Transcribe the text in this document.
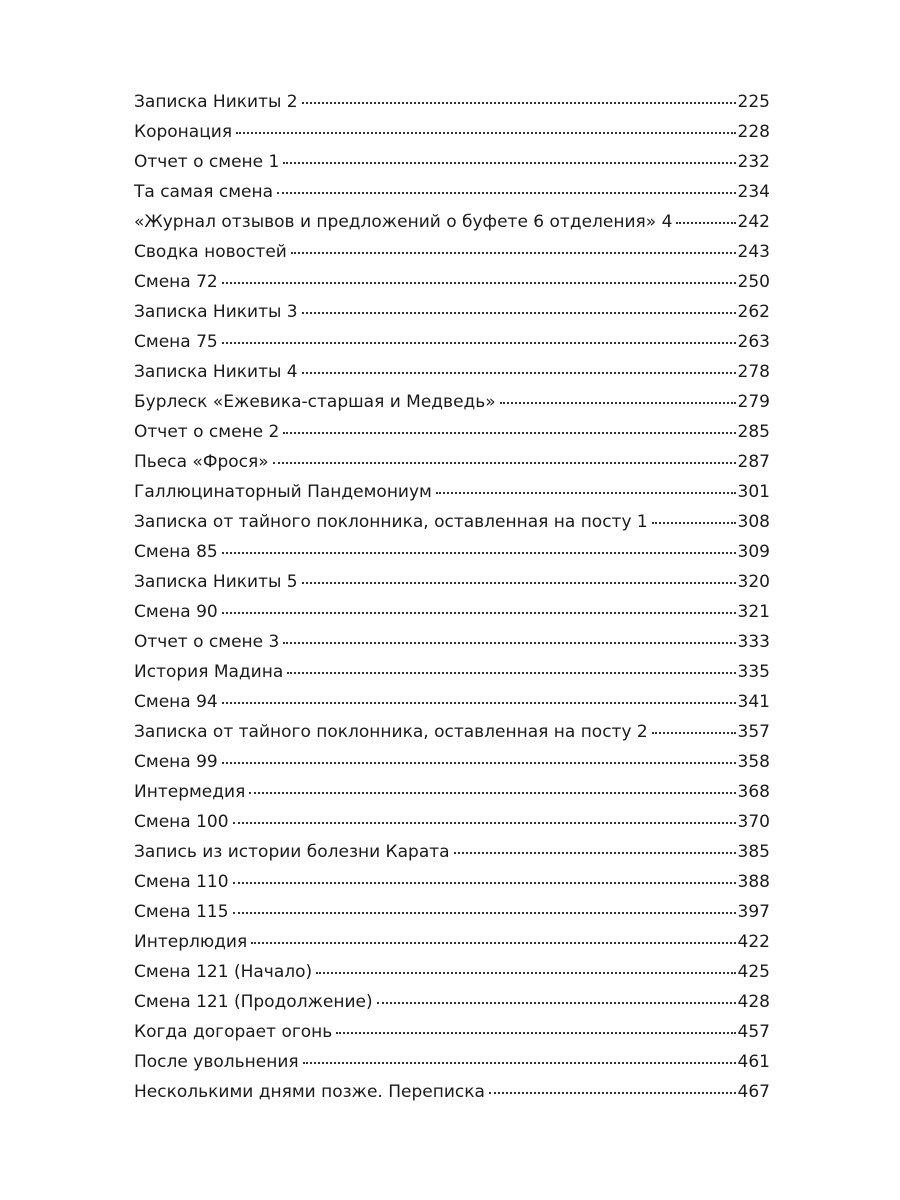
Записка Никиты 2	225
Коронация	228
Отчет о смене 1	232
Та самая смена	234
«Журнал отзывов и предложений о буфете 6 отделения» 4	242
Сводка новостей	243
Смена 72	250
Записка Никиты 3	262
Смена 75	263
Записка Никиты 4	278
Бурлеск «Ежевика-старшая и Медведь»	279
Отчет о смене 2	285
Пьеса «Фрося»	287
Галлюцинаторный Пандемониум	301
Записка от тайного поклонника, оставленная на посту 1	308
Смена 85	309
Записка Никиты 5	320
Смена 90	321
Отчет о смене 3	333
История Мадина	335
Смена 94	341
Записка от тайного поклонника, оставленная на посту 2	357
Смена 99	358
Интермедия	368
Смена 100	370
Запись из истории болезни Карата	385
Смена 110	388
Смена 115	397
Интерлюдия	422
Смена 121 (Начало)	425
Смена 121 (Продолжение)	428
Когда догорает огонь	457
После увольнения	461
Несколькими днями позже. Переписка	467
